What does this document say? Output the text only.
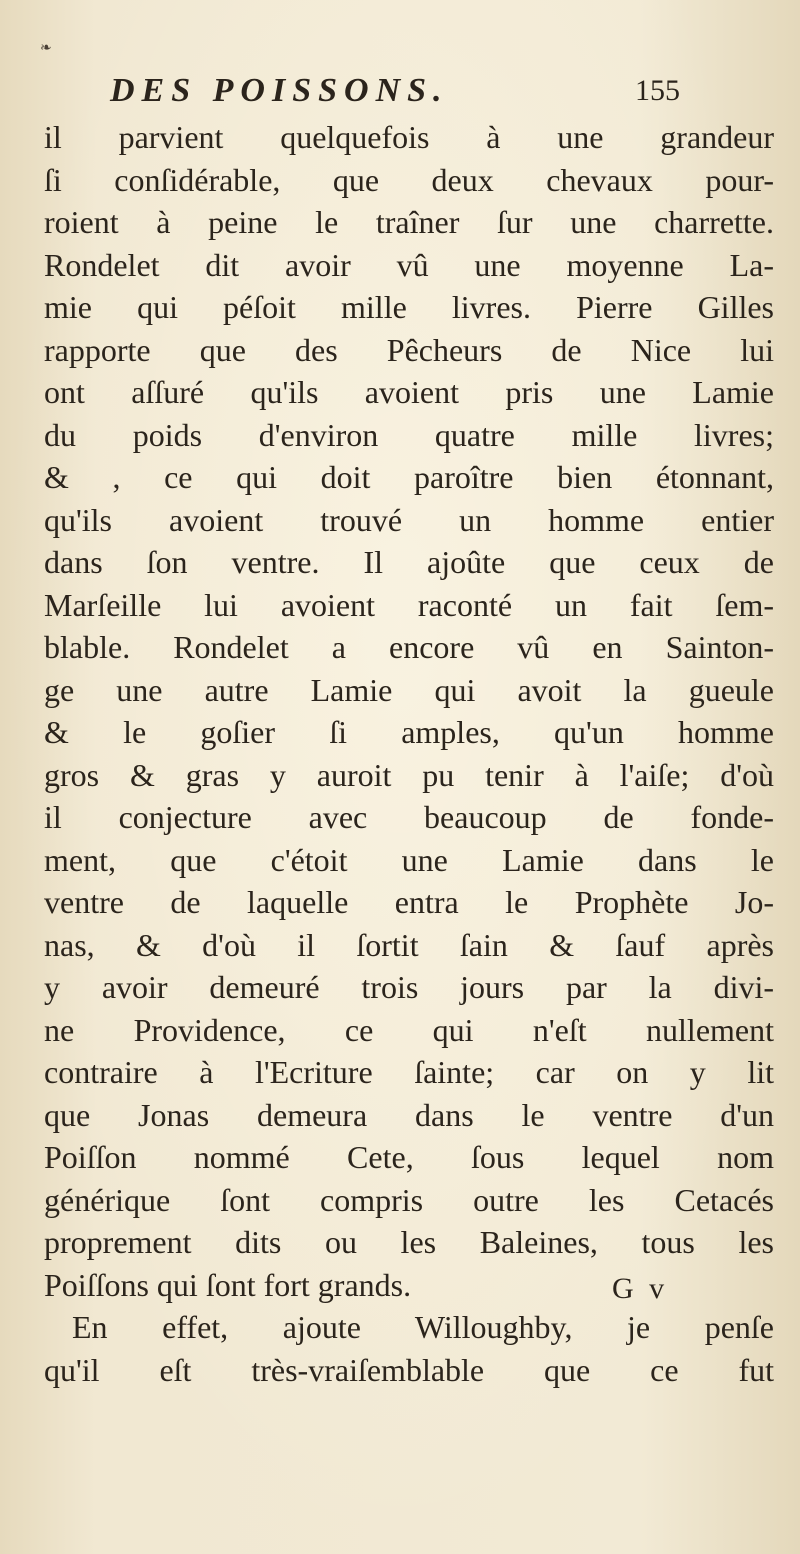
❧
DES POISSONS.	155
il parvient quelquefois à une grandeur
ſi conſidérable, que deux chevaux pour-
roient à peine le traîner ſur une charrette.
Rondelet dit avoir vû une moyenne La-
mie qui péſoit mille livres. Pierre Gilles
rapporte que des Pêcheurs de Nice lui
ont aſſuré qu'ils avoient pris une Lamie
du poids d'environ quatre mille livres;
& , ce qui doit paroître bien étonnant,
qu'ils avoient trouvé un homme entier
dans ſon ventre. Il ajoûte que ceux de
Marſeille lui avoient raconté un fait ſem-
blable. Rondelet a encore vû en Sainton-
ge une autre Lamie qui avoit la gueule
& le goſier ſi amples, qu'un homme
gros & gras y auroit pu tenir à l'aiſe; d'où
il conjecture avec beaucoup de fonde-
ment, que c'étoit une Lamie dans le
ventre de laquelle entra le Prophète Jo-
nas, & d'où il ſortit ſain & ſauf après
y avoir demeuré trois jours par la divi-
ne Providence, ce qui n'eſt nullement
contraire à l'Ecriture ſainte; car on y lit
que Jonas demeura dans le ventre d'un
Poiſſon nommé Cete, ſous lequel nom
générique ſont compris outre les Cetacés
proprement dits ou les Baleines, tous les
Poiſſons qui ſont fort grands.
En effet, ajoute Willoughby, je penſe
qu'il eſt très-vraiſemblable que ce fut
G v
